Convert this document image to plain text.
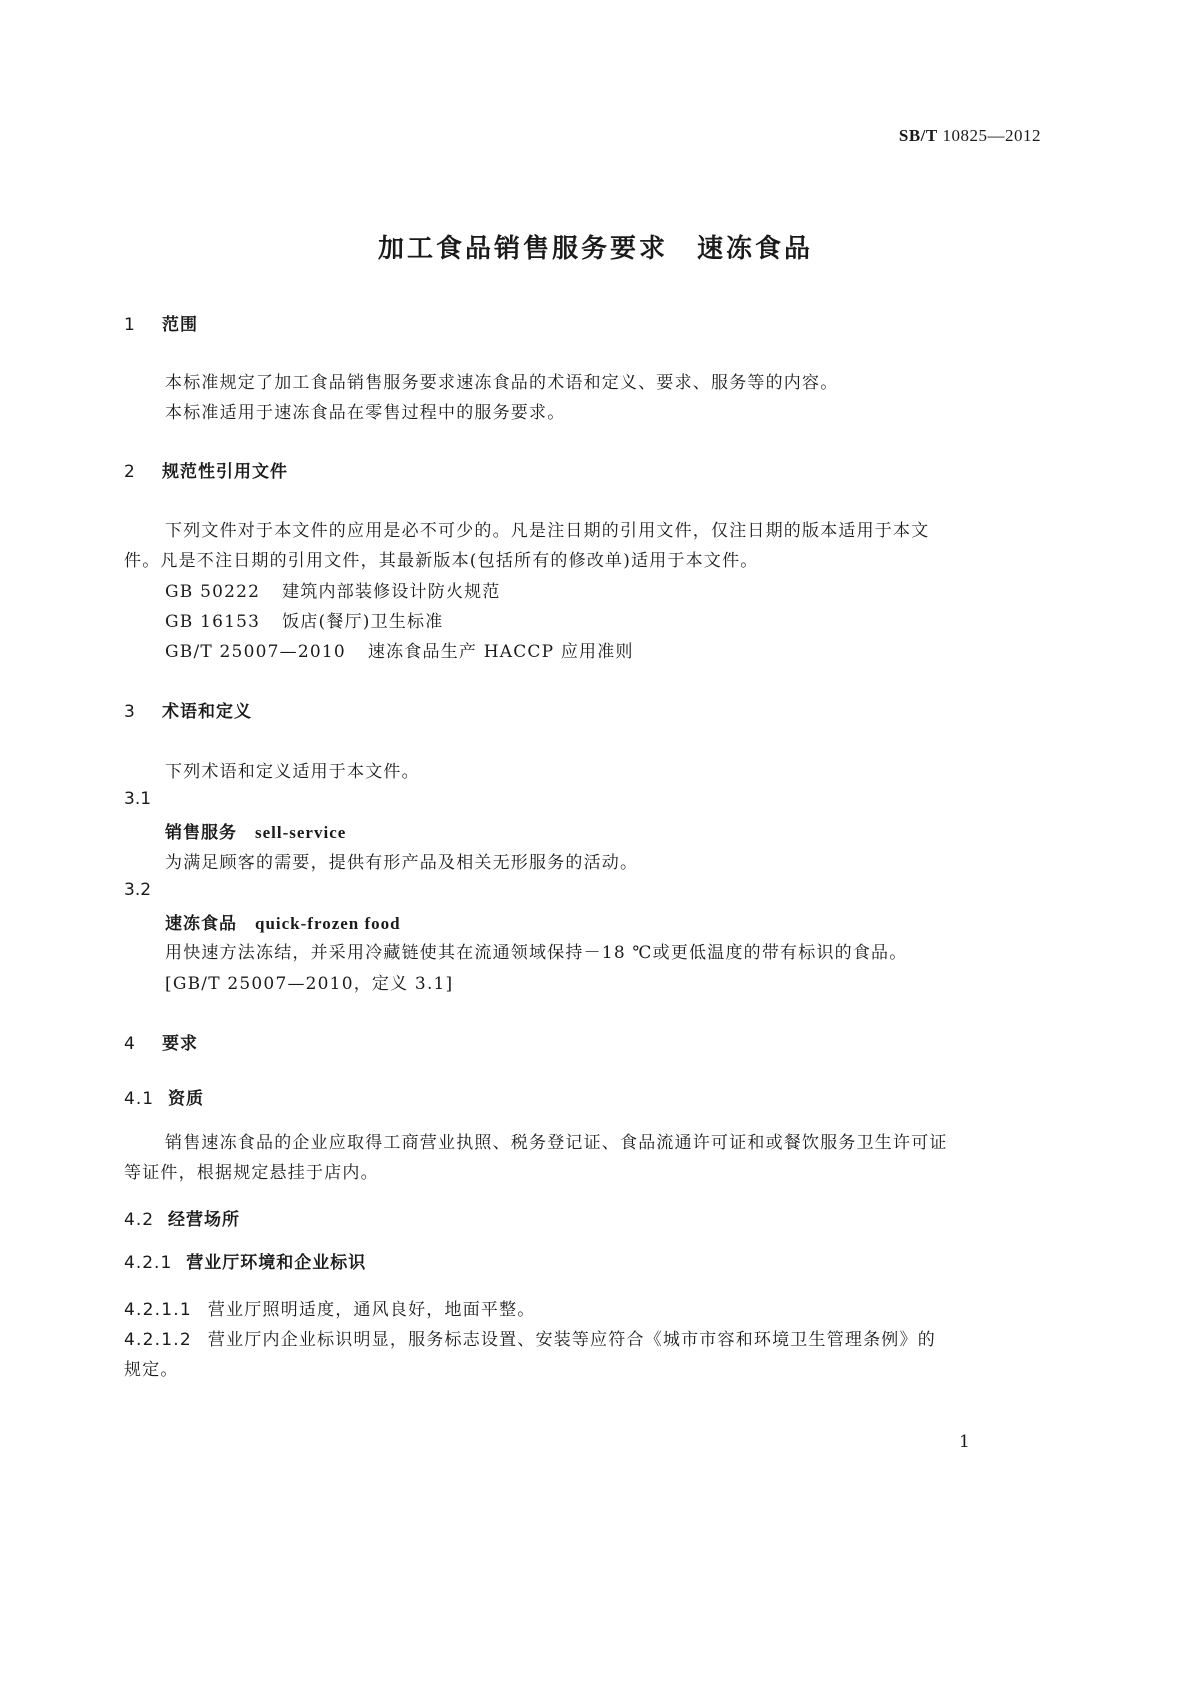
SB/T 10825—2012
加工食品销售服务要求　速冻食品
1 范围
本标准规定了加工食品销售服务要求速冻食品的术语和定义、要求、服务等的内容。
本标准适用于速冻食品在零售过程中的服务要求。
2 规范性引用文件
下列文件对于本文件的应用是必不可少的。凡是注日期的引用文件，仅注日期的版本适用于本文
件。凡是不注日期的引用文件，其最新版本(包括所有的修改单)适用于本文件。
GB 50222 建筑内部装修设计防火规范
GB 16153 饭店(餐厅)卫生标准
GB/T 25007—2010 速冻食品生产 HACCP 应用准则
3 术语和定义
下列术语和定义适用于本文件。
3.1
销售服务 sell-service
为满足顾客的需要，提供有形产品及相关无形服务的活动。
3.2
速冻食品 quick-frozen food
用快速方法冻结，并采用冷藏链使其在流通领域保持－18 ℃或更低温度的带有标识的食品。
[GB/T 25007—2010，定义 3.1]
4 要求
4.1 资质
销售速冻食品的企业应取得工商营业执照、税务登记证、食品流通许可证和或餐饮服务卫生许可证
等证件，根据规定悬挂于店内。
4.2 经营场所
4.2.1 营业厅环境和企业标识
4.2.1.1 营业厅照明适度，通风良好，地面平整。
4.2.1.2 营业厅内企业标识明显，服务标志设置、安装等应符合《城市市容和环境卫生管理条例》的
规定。
1
